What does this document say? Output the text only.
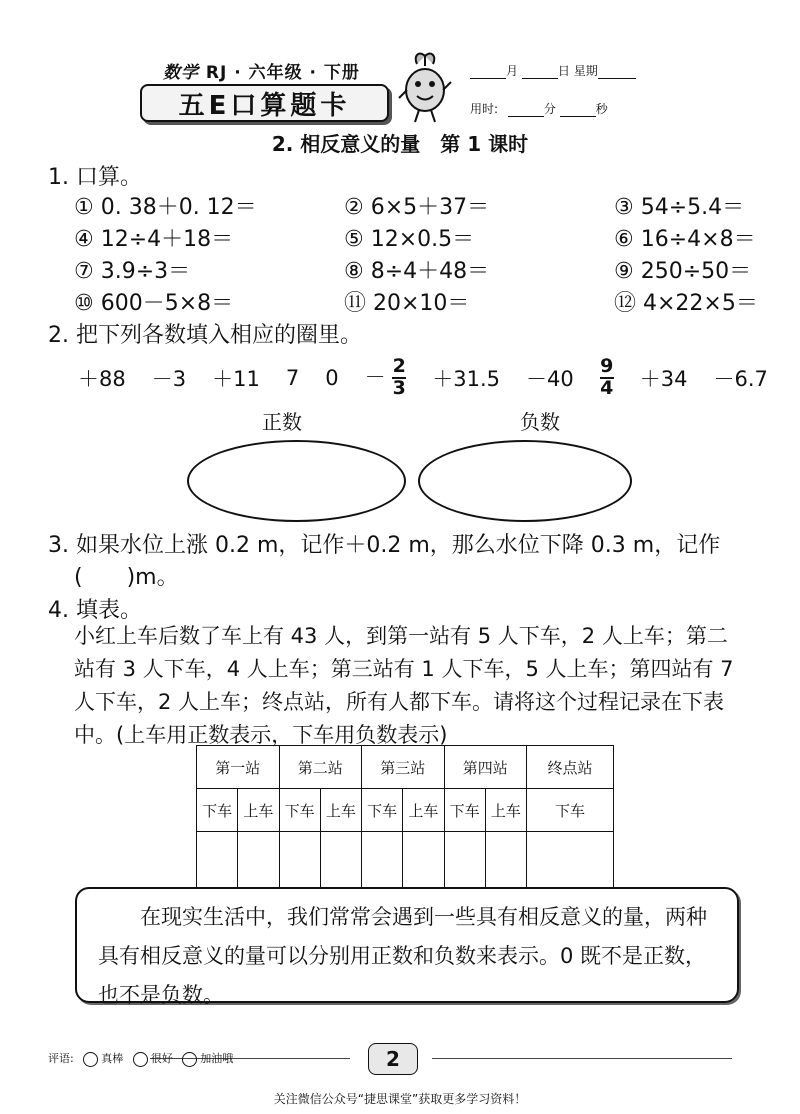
数学 RJ · 六年级 · 下册
五E口算题卡
月	日 星期
用时:	分	秒
2. 相反意义的量　第 1 课时
1. 口算。
① 0. 38＋0. 12＝	② 6×5＋37＝	③ 54÷5.4＝
④ 12÷4＋18＝	⑤ 12×0.5＝	⑥ 16÷4×8＝
⑦ 3.9÷3＝	⑧ 8÷4＋48＝	⑨ 250÷50＝
⑩ 600－5×8＝	⑪ 20×10＝	⑫ 4×22×5＝
2. 把下列各数填入相应的圈里。
＋88 －3 ＋11 7 $0 - \frac{2}{3} +31.5 -40 \frac{9}{4} +34 -6.7$
正数	负数
3. 如果水位上涨 0.2 m，记作＋0.2 m，那么水位下降 0.3 m，记作
(　　)m。
4. 填表。
小红上车后数了车上有 43 人，到第一站有 5 人下车，2 人上车；第二站有 3 人下车，4 人上车；第三站有 1 人下车，5 人上车；第四站有 7 人下车，2 人上车；终点站，所有人都下车。请将这个过程记录在下表中。(上车用正数表示，下车用负数表示)
第一站		第二站		第三站		第四站		终点站
下车	上车	下车	上车	下车	上车	下车	上车	下车

在现实生活中，我们常常会遇到一些具有相反意义的量，两种具有相反意义的量可以分别用正数和负数来表示。0 既不是正数，也不是负数。
评语:	真棒	很好	加油哦	2
关注微信公众号“捷思课堂”获取更多学习资料！
